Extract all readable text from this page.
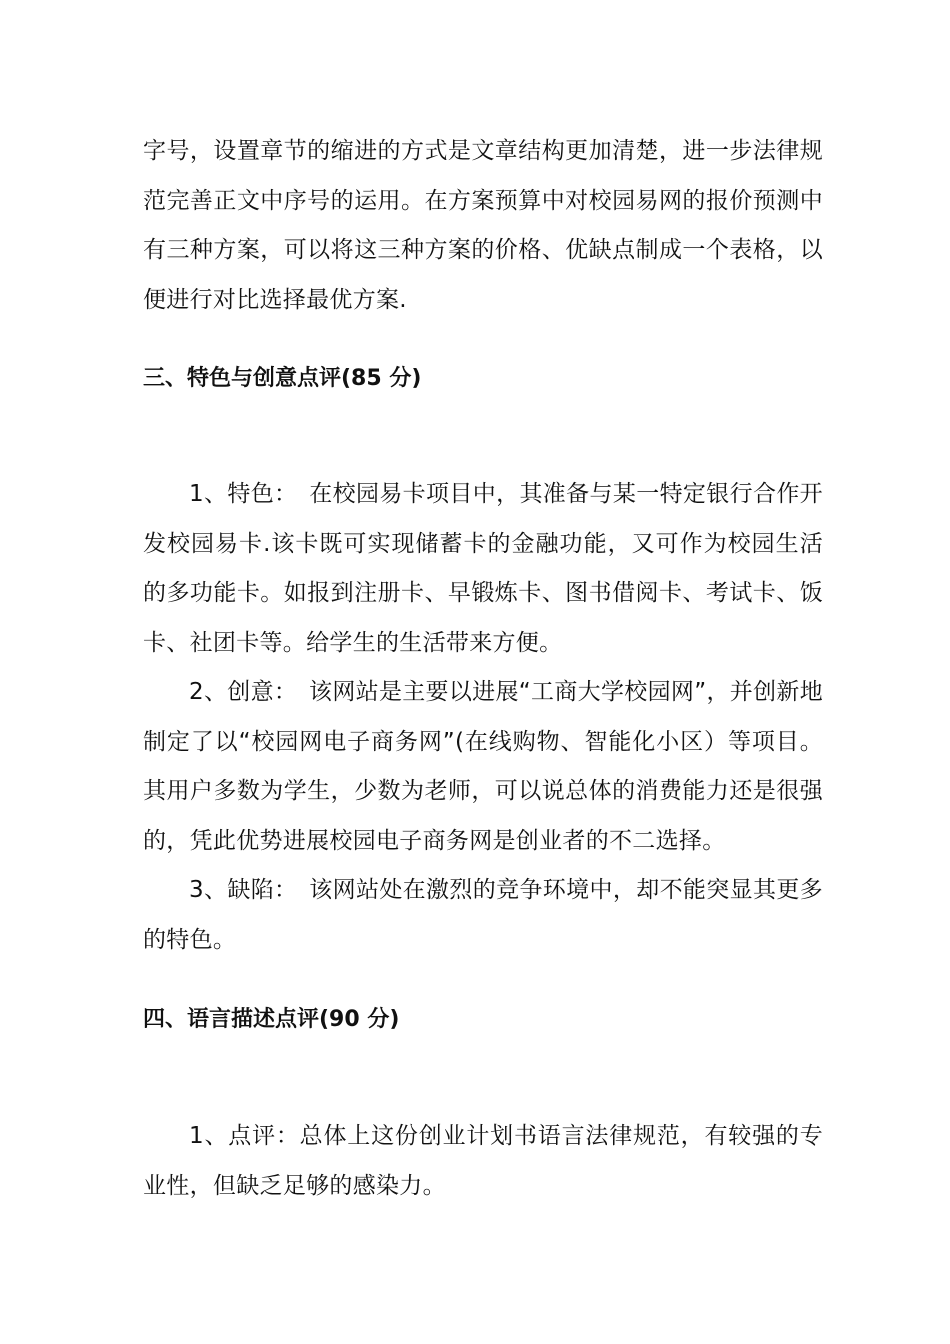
字号，设置章节的缩进的方式是文章结构更加清楚，进一步法律规范完善正文中序号的运用。在方案预算中对校园易网的报价预测中有三种方案，可以将这三种方案的价格、优缺点制成一个表格，以便进行对比选择最优方案.

三、特色与创意点评(85 分)

1、特色：　在校园易卡项目中，其准备与某一特定银行合作开发校园易卡.该卡既可实现储蓄卡的金融功能，又可作为校园生活的多功能卡。如报到注册卡、早锻炼卡、图书借阅卡、考试卡、饭卡、社团卡等。给学生的生活带来方便。

2、创意：　该网站是主要以进展“工商大学校园网”，并创新地制定了以“校园网电子商务网”(在线购物、智能化小区）等项目。其用户多数为学生，少数为老师，可以说总体的消费能力还是很强的，凭此优势进展校园电子商务网是创业者的不二选择。

3、缺陷：　该网站处在激烈的竞争环境中，却不能突显其更多的特色。

四、语言描述点评(90 分)

1、点评：总体上这份创业计划书语言法律规范，有较强的专业性，但缺乏足够的感染力。
